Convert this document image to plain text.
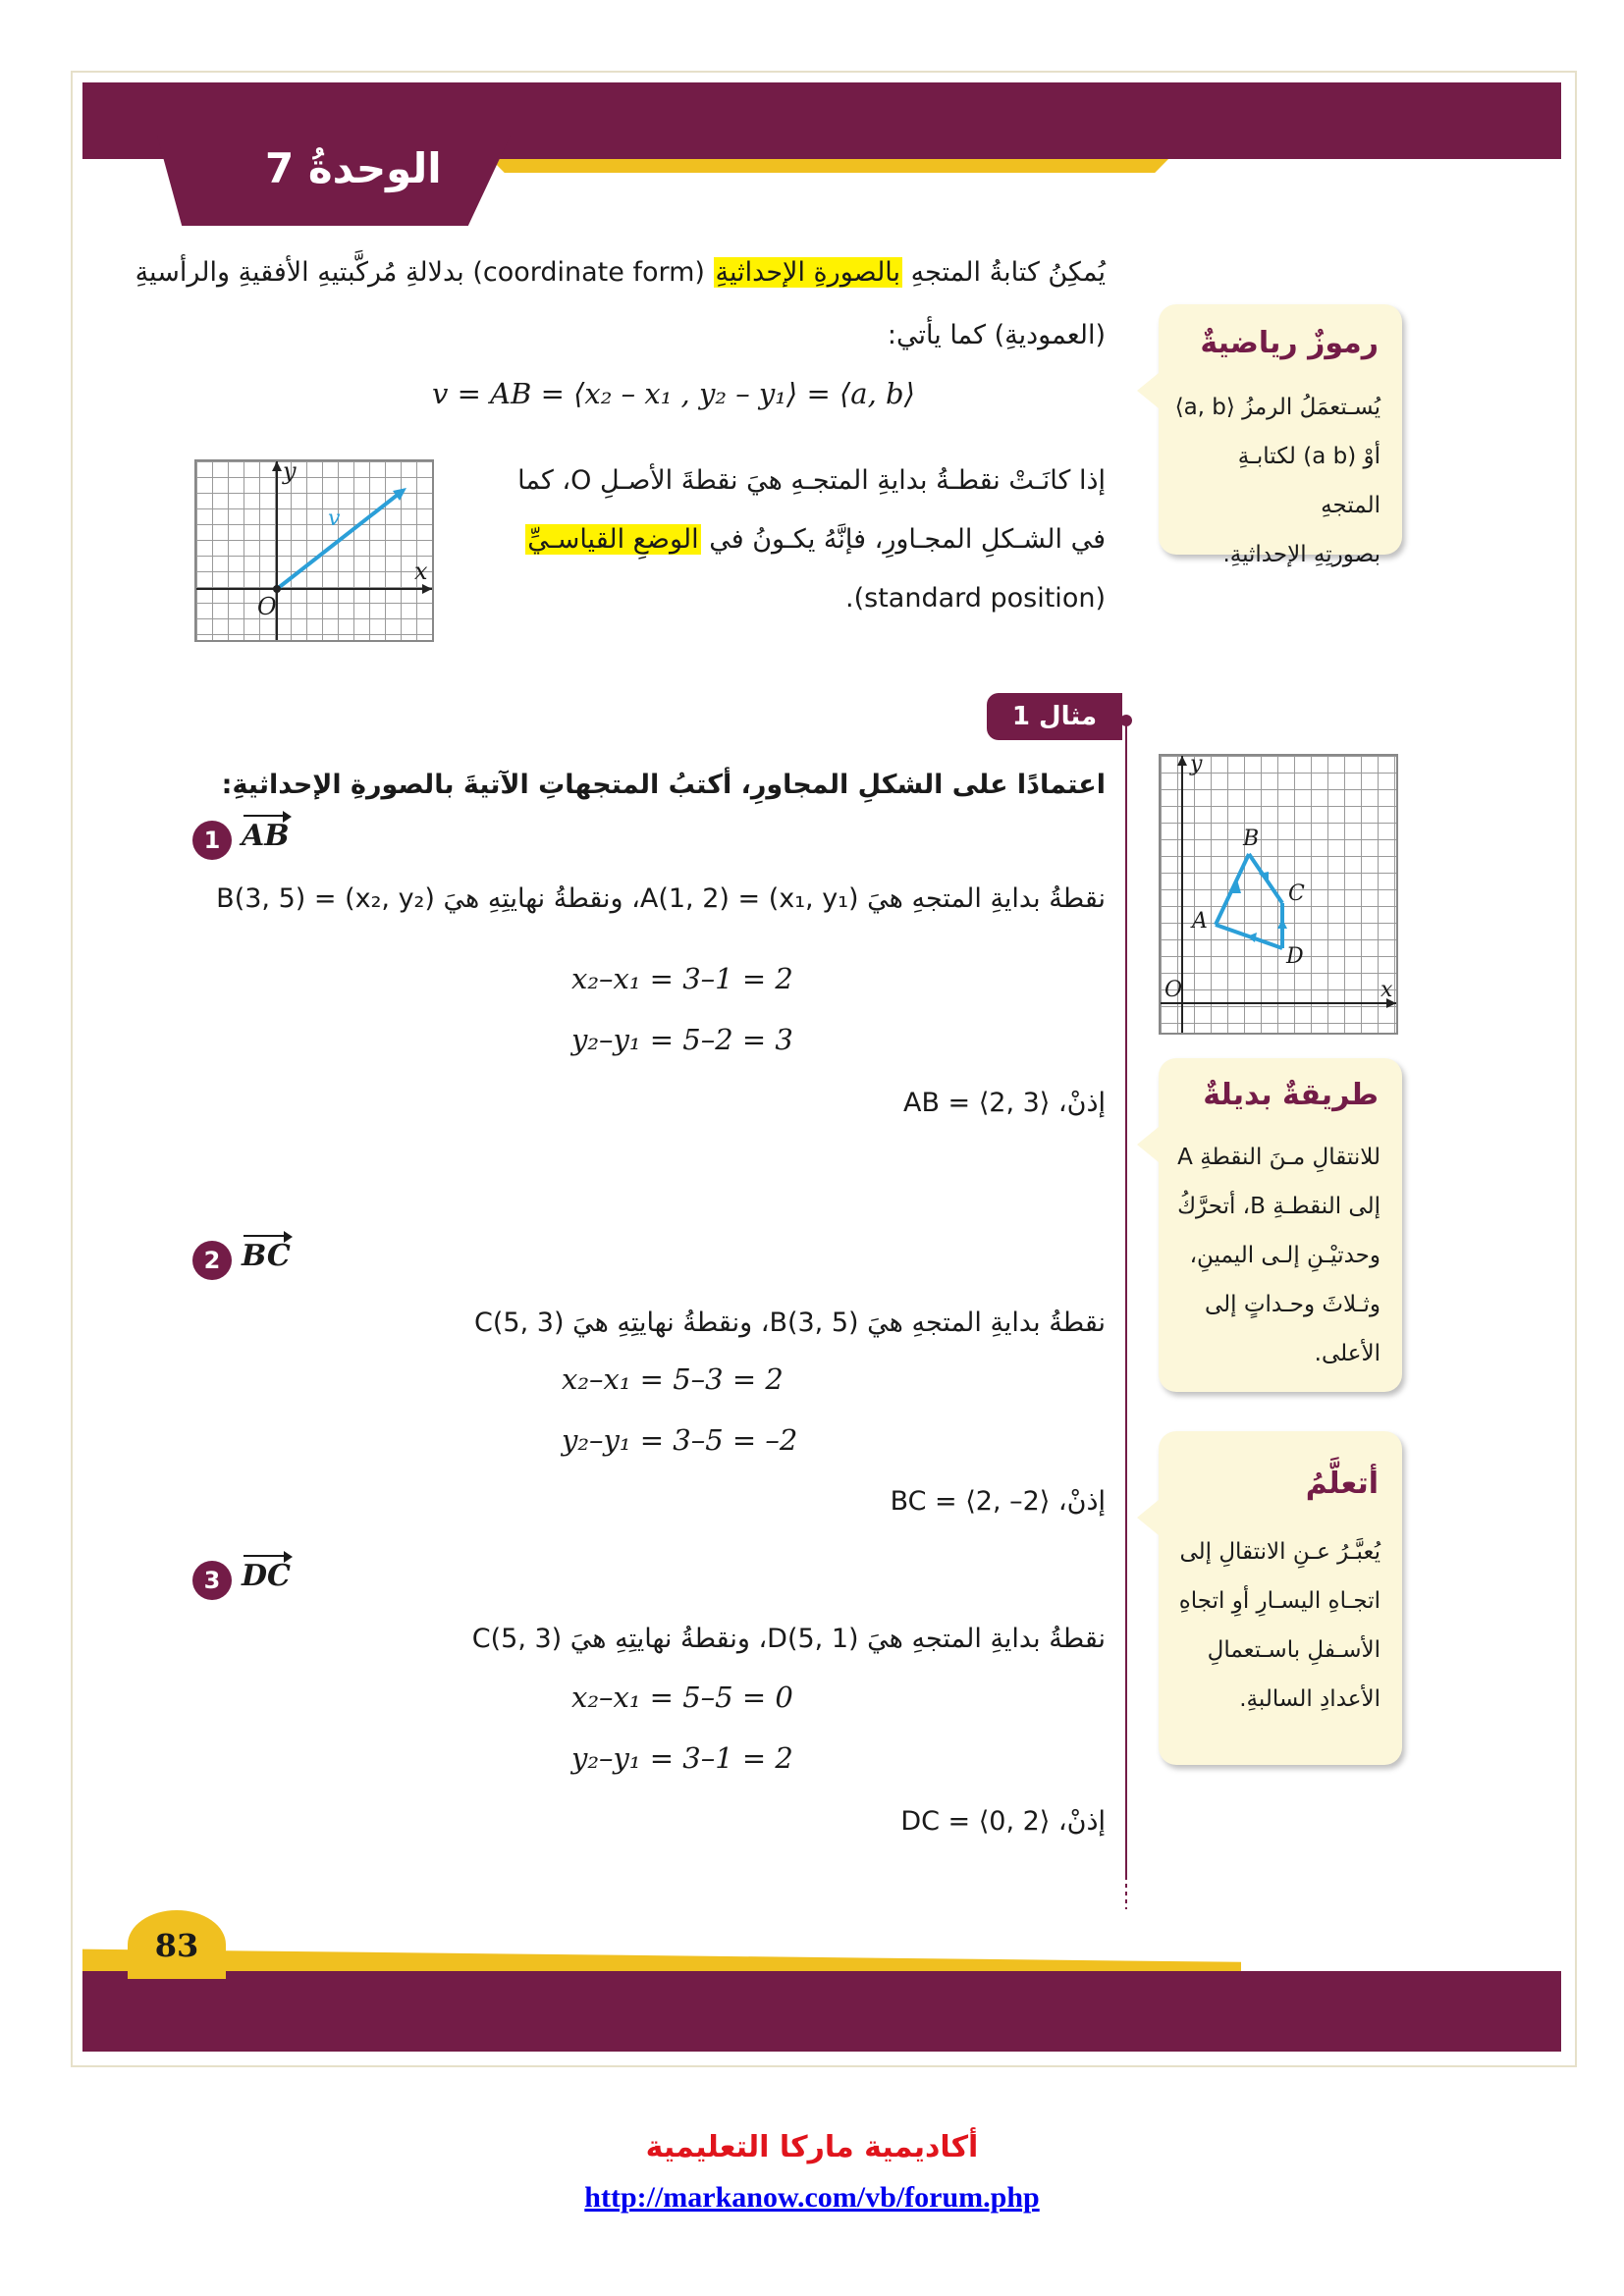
الوحدةُ 7
يُمكِنُ كتابةُ المتجهِ بالصورةِ الإحداثيةِ (coordinate form) بدلالةِ مُركَّبتيهِ الأفقيةِ والرأسيةِ
(العموديةِ) كما يأتي:
v = AB = ⟨x₂ – x₁ , y₂ – y₁⟩ = ⟨a, b⟩
إذا كانَـتْ نقطـةُ بدايةِ المتجـهِ هيَ نقطةَ الأصـلِ O، كما
في الشـكلِ المجـاورِ، فإنَّهُ يكـونُ في الوضعِ القياسـيِّ
(standard position).
y
x
O
v
رموزٌ رياضيةٌ
يُسـتعمَلُ الرمزُ ⟨a, b⟩
أوْ (a b) لكتابـةِ المتجهِ
بصورتِهِ الإحداثيةِ.
مثال 1
اعتمادًا على الشكلِ المجاورِ، أكتبُ المتجهاتِ الآتيةَ بالصورةِ الإحداثيةِ:
1 AB
نقطةُ بدايةِ المتجهِ هيَ A(1, 2) = (x₁, y₁)، ونقطةُ نهايتِهِ هيَ B(3, 5) = (x₂, y₂)
x₂–x₁ = 3–1 = 2
y₂–y₁ = 5–2 = 3
إذنْ، AB = ⟨2, 3⟩
2 BC
نقطةُ بدايةِ المتجهِ هيَ B(3, 5)، ونقطةُ نهايتِهِ هيَ C(5, 3)
x₂–x₁ = 5–3 = 2
y₂–y₁ = 3–5 = –2
إذنْ، BC = ⟨2, –2⟩
3 DC
نقطةُ بدايةِ المتجهِ هيَ D(5, 1)، ونقطةُ نهايتِهِ هيَ C(5, 3)
x₂–x₁ = 5–5 = 0
y₂–y₁ = 3–1 = 2
إذنْ، DC = ⟨0, 2⟩
y
x
O
A
B
C
D
طريقةٌ بديلةٌ
للانتقالِ مـنَ النقطةِ A
إلى النقطـةِ B، أتحرَّكُ
وحدتيْـنِ إلـى اليمينِ،
وثـلاثَ وحـداتٍ إلى
الأعلى.
أتعلَّمُ
يُعبَّـرُ عـنِ الانتقالِ إلى
اتجـاهِ اليسـارِ أوِ اتجاهِ
الأسـفلِ باسـتعمالِ
الأعدادِ السالبةِ.
83
أكاديمية ماركا التعليمية
http://markanow.com/vb/forum.php
